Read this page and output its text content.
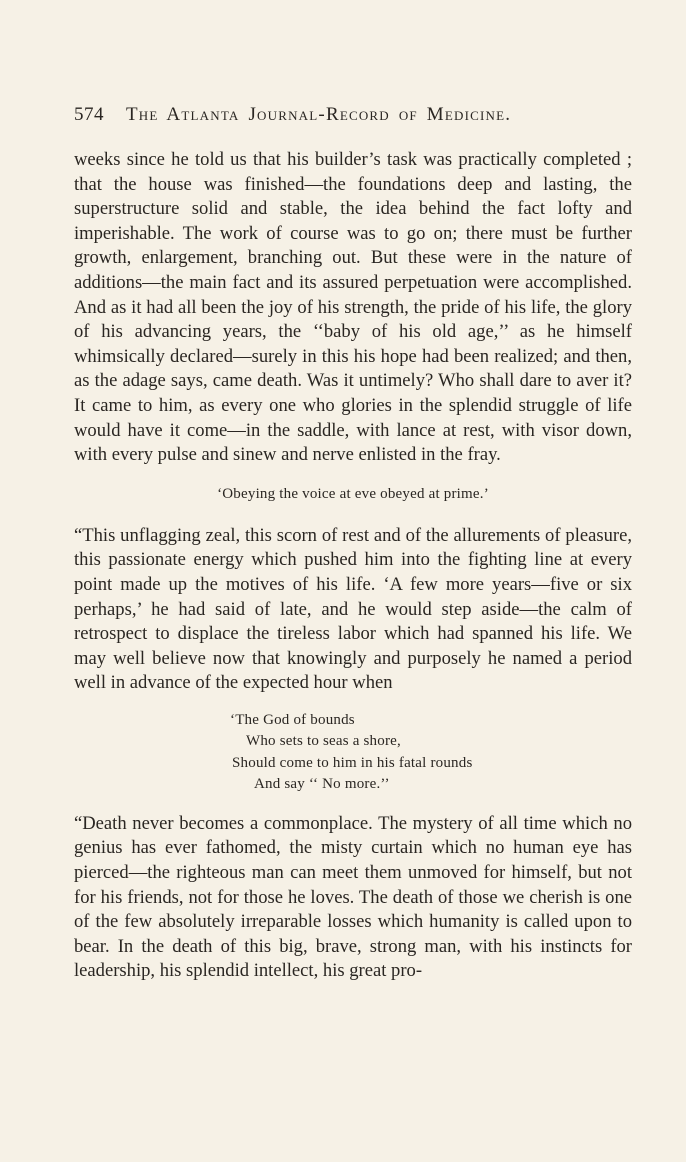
574 The Atlanta Journal-Record of Medicine.

weeks since he told us that his builder’s task was practically completed ; that the house was finished—the foundations deep and lasting, the superstructure solid and stable, the idea behind the fact lofty and imperishable. The work of course was to go on; there must be further growth, enlargement, branching out. But these were in the nature of additions—the main fact and its assured perpetuation were accomplished. And as it had all been the joy of his strength, the pride of his life, the glory of his advancing years, the ‘‘baby of his old age,’’ as he himself whimsically declared—surely in this his hope had been realized; and then, as the adage says, came death. Was it untimely? Who shall dare to aver it? It came to him, as every one who glories in the splendid struggle of life would have it come—in the saddle, with lance at rest, with visor down, with every pulse and sinew and nerve enlisted in the fray.

‘Obeying the voice at eve obeyed at prime.’

“This unflagging zeal, this scorn of rest and of the allurements of pleasure, this passionate energy which pushed him into the fighting line at every point made up the motives of his life. ‘A few more years—five or six perhaps,’ he had said of late, and he would step aside—the calm of retrospect to displace the tireless labor which had spanned his life. We may well believe now that knowingly and purposely he named a period well in advance of the expected hour when

‘The God of bounds
Who sets to seas a shore,
Should come to him in his fatal rounds
And say ‘‘ No more.’’

“Death never becomes a commonplace. The mystery of all time which no genius has ever fathomed, the misty curtain which no human eye has pierced—the righteous man can meet them unmoved for himself, but not for his friends, not for those he loves. The death of those we cherish is one of the few absolutely irreparable losses which humanity is called upon to bear. In the death of this big, brave, strong man, with his instincts for leadership, his splendid intellect, his great pro-
